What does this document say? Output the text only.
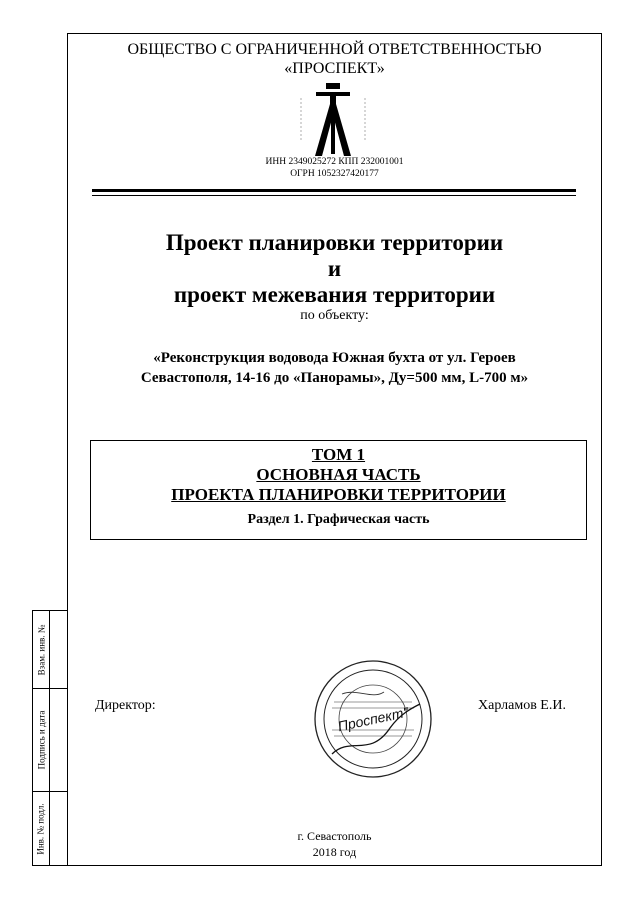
Взам. инв. №
Подпись и дата
Инв. № подл.
ОБЩЕСТВО С ОГРАНИЧЕННОЙ ОТВЕТСТВЕННОСТЬЮ
«ПРОСПЕКТ»
ИНН 2349025272 КПП 232001001
ОГРН 1052327420177
Проект планировки территории
и
проект межевания территории
по объекту:
«Реконструкция водовода Южная бухта от ул. Героев
Севастополя, 14-16 до «Панорамы», Ду=500 мм, L-700 м»
ТОМ 1
ОСНОВНАЯ ЧАСТЬ
ПРОЕКТА ПЛАНИРОВКИ ТЕРРИТОРИИ
Раздел 1. Графическая часть
Директор:	Харламов Е.И.
Проспект"
г. Севастополь
2018 год
